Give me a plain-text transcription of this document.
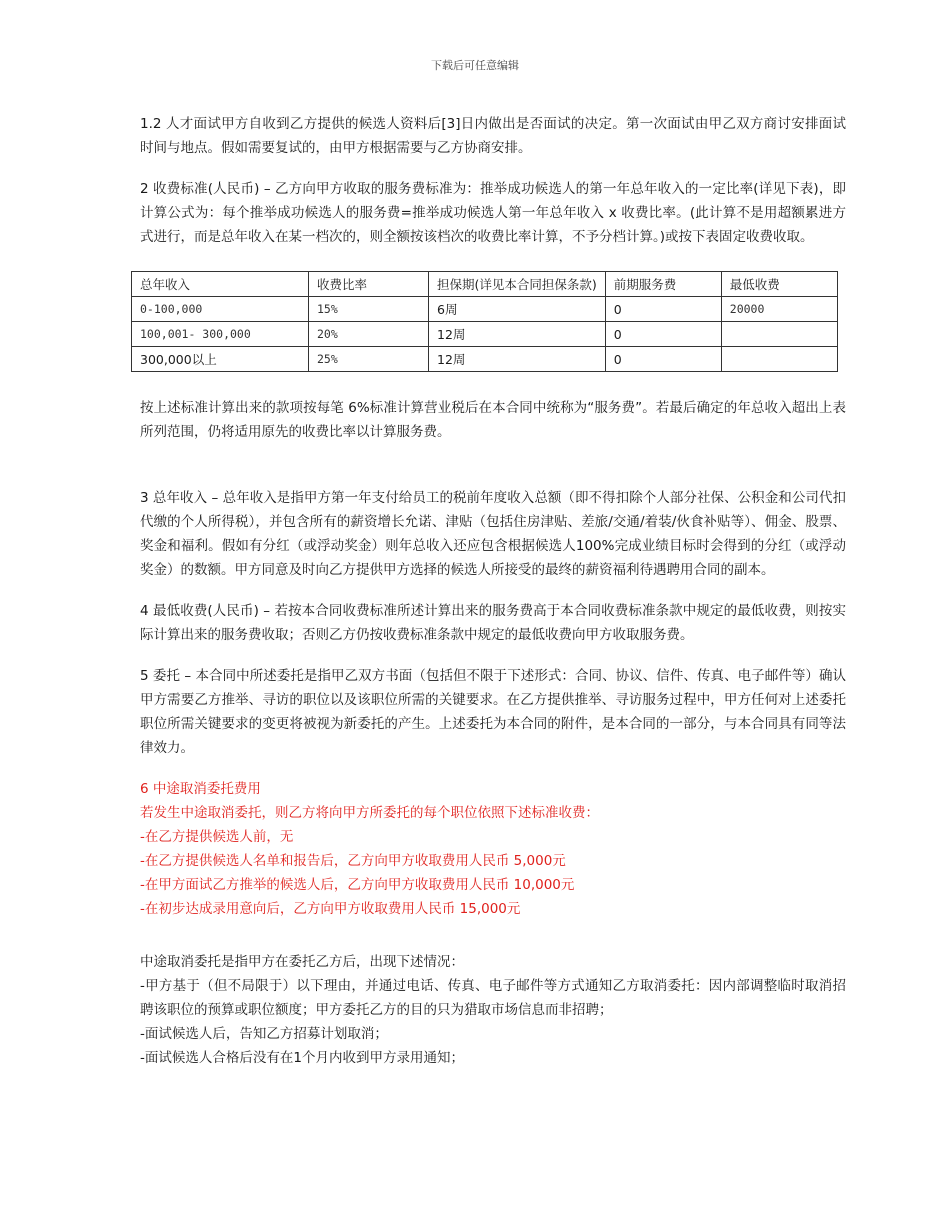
下载后可任意编辑

1.2 人才面试甲方自收到乙方提供的候选人资料后[3]日内做出是否面试的决定。第一次面试由甲乙双方商讨安排面试时间与地点。假如需要复试的，由甲方根据需要与乙方协商安排。

2 收费标准(人民币) – 乙方向甲方收取的服务费标准为：推举成功候选人的第一年总年收入的一定比率(详见下表)，即计算公式为：每个推举成功候选人的服务费=推举成功候选人第一年总年收入 x 收费比率。(此计算不是用超额累进方式进行，而是总年收入在某一档次的，则全额按该档次的收费比率计算，不予分档计算。)或按下表固定收费收取。

总年收入	收费比率	担保期(详见本合同担保条款)	前期服务费	最低收费
0-100,000	15%	6周	0	20000
100,001- 300,000	20%	12周	0	
300,000以上	25%	12周	0	

按上述标准计算出来的款项按每笔 6%标准计算营业税后在本合同中统称为“服务费”。若最后确定的年总收入超出上表所列范围，仍将适用原先的收费比率以计算服务费。

3 总年收入 – 总年收入是指甲方第一年支付给员工的税前年度收入总额（即不得扣除个人部分社保、公积金和公司代扣代缴的个人所得税），并包含所有的薪资增长允诺、津贴（包括住房津贴、差旅/交通/着装/伙食补贴等）、佣金、股票、奖金和福利。假如有分红（或浮动奖金）则年总收入还应包含根据候选人100%完成业绩目标时会得到的分红（或浮动奖金）的数额。甲方同意及时向乙方提供甲方选择的候选人所接受的最终的薪资福利待遇聘用合同的副本。

4 最低收费(人民币) – 若按本合同收费标准所述计算出来的服务费高于本合同收费标准条款中规定的最低收费，则按实际计算出来的服务费收取；否则乙方仍按收费标准条款中规定的最低收费向甲方收取服务费。

5 委托 – 本合同中所述委托是指甲乙双方书面（包括但不限于下述形式：合同、协议、信件、传真、电子邮件等）确认甲方需要乙方推举、寻访的职位以及该职位所需的关键要求。在乙方提供推举、寻访服务过程中，甲方任何对上述委托职位所需关键要求的变更将被视为新委托的产生。上述委托为本合同的附件，是本合同的一部分，与本合同具有同等法律效力。

6 中途取消委托费用

若发生中途取消委托，则乙方将向甲方所委托的每个职位依照下述标准收费：

-在乙方提供候选人前，无

-在乙方提供候选人名单和报告后，乙方向甲方收取费用人民币 5,000元

-在甲方面试乙方推举的候选人后，乙方向甲方收取费用人民币 10,000元

-在初步达成录用意向后，乙方向甲方收取费用人民币 15,000元

中途取消委托是指甲方在委托乙方后，出现下述情况：

-甲方基于（但不局限于）以下理由，并通过电话、传真、电子邮件等方式通知乙方取消委托：因内部调整临时取消招聘该职位的预算或职位额度；甲方委托乙方的目的只为猎取市场信息而非招聘；

-面试候选人后，告知乙方招募计划取消；

-面试候选人合格后没有在1个月内收到甲方录用通知；
